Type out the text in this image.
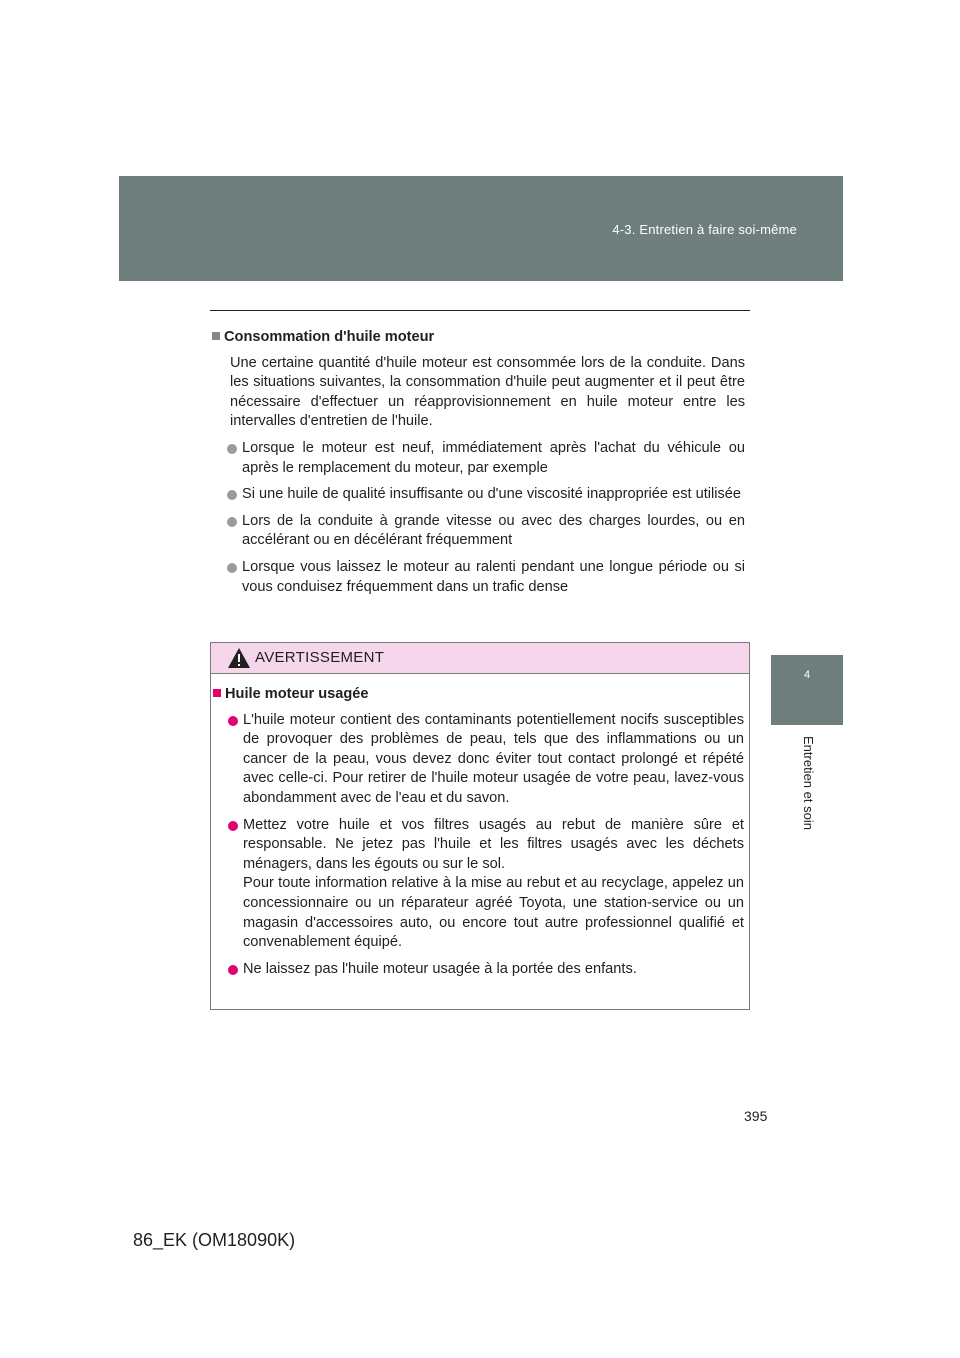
4-3. Entretien à faire soi-même
4
Entretien et soin
Consommation d'huile moteur
Une certaine quantité d'huile moteur est consommée lors de la conduite. Dans les situations suivantes, la consommation d'huile peut augmenter et il peut être nécessaire d'effectuer un réapprovisionnement en huile moteur entre les intervalles d'entretien de l'huile.
Lorsque le moteur est neuf, immédiatement après l'achat du véhicule ou après le remplacement du moteur, par exemple
Si une huile de qualité insuffisante ou d'une viscosité inappropriée est utilisée
Lors de la conduite à grande vitesse ou avec des charges lourdes, ou en accélérant ou en décélérant fréquemment
Lorsque vous laissez le moteur au ralenti pendant une longue période ou si vous conduisez fréquemment dans un trafic dense
AVERTISSEMENT
Huile moteur usagée
L'huile moteur contient des contaminants potentiellement nocifs susceptibles de provoquer des problèmes de peau, tels que des inflammations ou un cancer de la peau, vous devez donc éviter tout contact prolongé et répété avec celle-ci. Pour retirer de l'huile moteur usagée de votre peau, lavez-vous abondamment avec de l'eau et du savon.
Mettez votre huile et vos filtres usagés au rebut de manière sûre et responsable. Ne jetez pas l'huile et les filtres usagés avec les déchets ménagers, dans les égouts ou sur le sol.
Pour toute information relative à la mise au rebut et au recyclage, appelez un concessionnaire ou un réparateur agréé Toyota, une station-service ou un magasin d'accessoires auto, ou encore tout autre professionnel qualifié et convenablement équipé.
Ne laissez pas l'huile moteur usagée à la portée des enfants.
395
86_EK (OM18090K)
